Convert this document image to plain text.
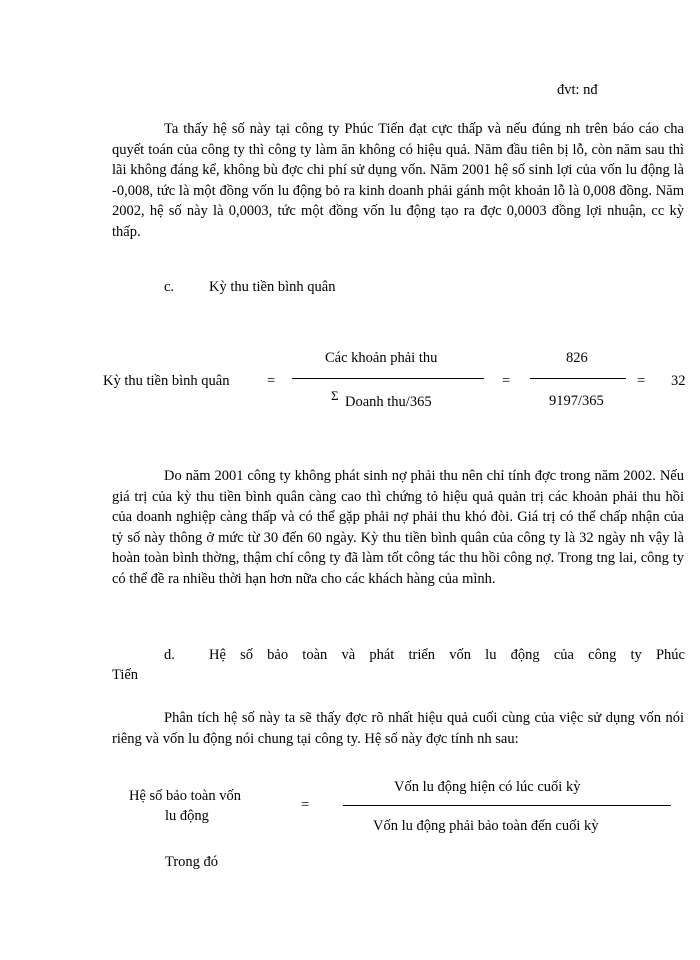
đvt: nđ
Ta thấy hệ số này tại công ty Phúc Tiến đạt cực thấp và nếu đúng nh trên báo cáo cha quyết toán của công ty thì công ty làm ăn không có hiệu quả. Năm đầu tiên bị lỗ, còn năm sau thì lãi không đáng kể, không bù đợc chi phí sử dụng vốn. Năm 2001 hệ số sinh lợi của vốn lu động là -0,008, tức là một đồng vốn lu động bỏ ra kinh doanh phải gánh một khoản lỗ là 0,008 đồng. Năm 2002, hệ số này là 0,0003, tức một đồng vốn lu động tạo ra đợc 0,0003 đồng lợi nhuận, cc kỳ thấp.
c. Kỳ thu tiền bình quân
Kỳ thu tiền bình quân	=
Các khoản phải thu
Σ Doanh thu/365
=
826
9197/365
= 32
Do năm 2001 công ty không phát sinh nợ phải thu nên chỉ tính đợc trong năm 2002. Nếu giá trị của kỳ thu tiền bình quân càng cao thì chứng tỏ hiệu quả quản trị các khoản phải thu hồi của doanh nghiệp càng thấp và có thể gặp phải nợ phải thu khó đòi. Giá trị có thể chấp nhận của tỷ số này thông ở mức từ 30 đến 60 ngày. Kỳ thu tiền bình quân của công ty là 32 ngày nh vậy là hoàn toàn bình thờng, thậm chí công ty đã làm tốt công tác thu hồi công nợ. Trong tng lai, công ty có thể đề ra nhiều thời hạn hơn nữa cho các khách hàng của mình.
d. Hệ số bảo toàn và phát triển vốn lu động của công ty Phúc
Tiến
Phân tích hệ số này ta sẽ thấy đợc rõ nhất hiệu quả cuối cùng của việc sử dụng vốn nói riêng và vốn lu động nói chung tại công ty. Hệ số này đợc tính nh sau:
Hệ số bảo toàn vốn
lu động
=
Vốn lu động hiện có lúc cuối kỳ
Vốn lu động phải bảo toàn đến cuối kỳ
Trong đó
